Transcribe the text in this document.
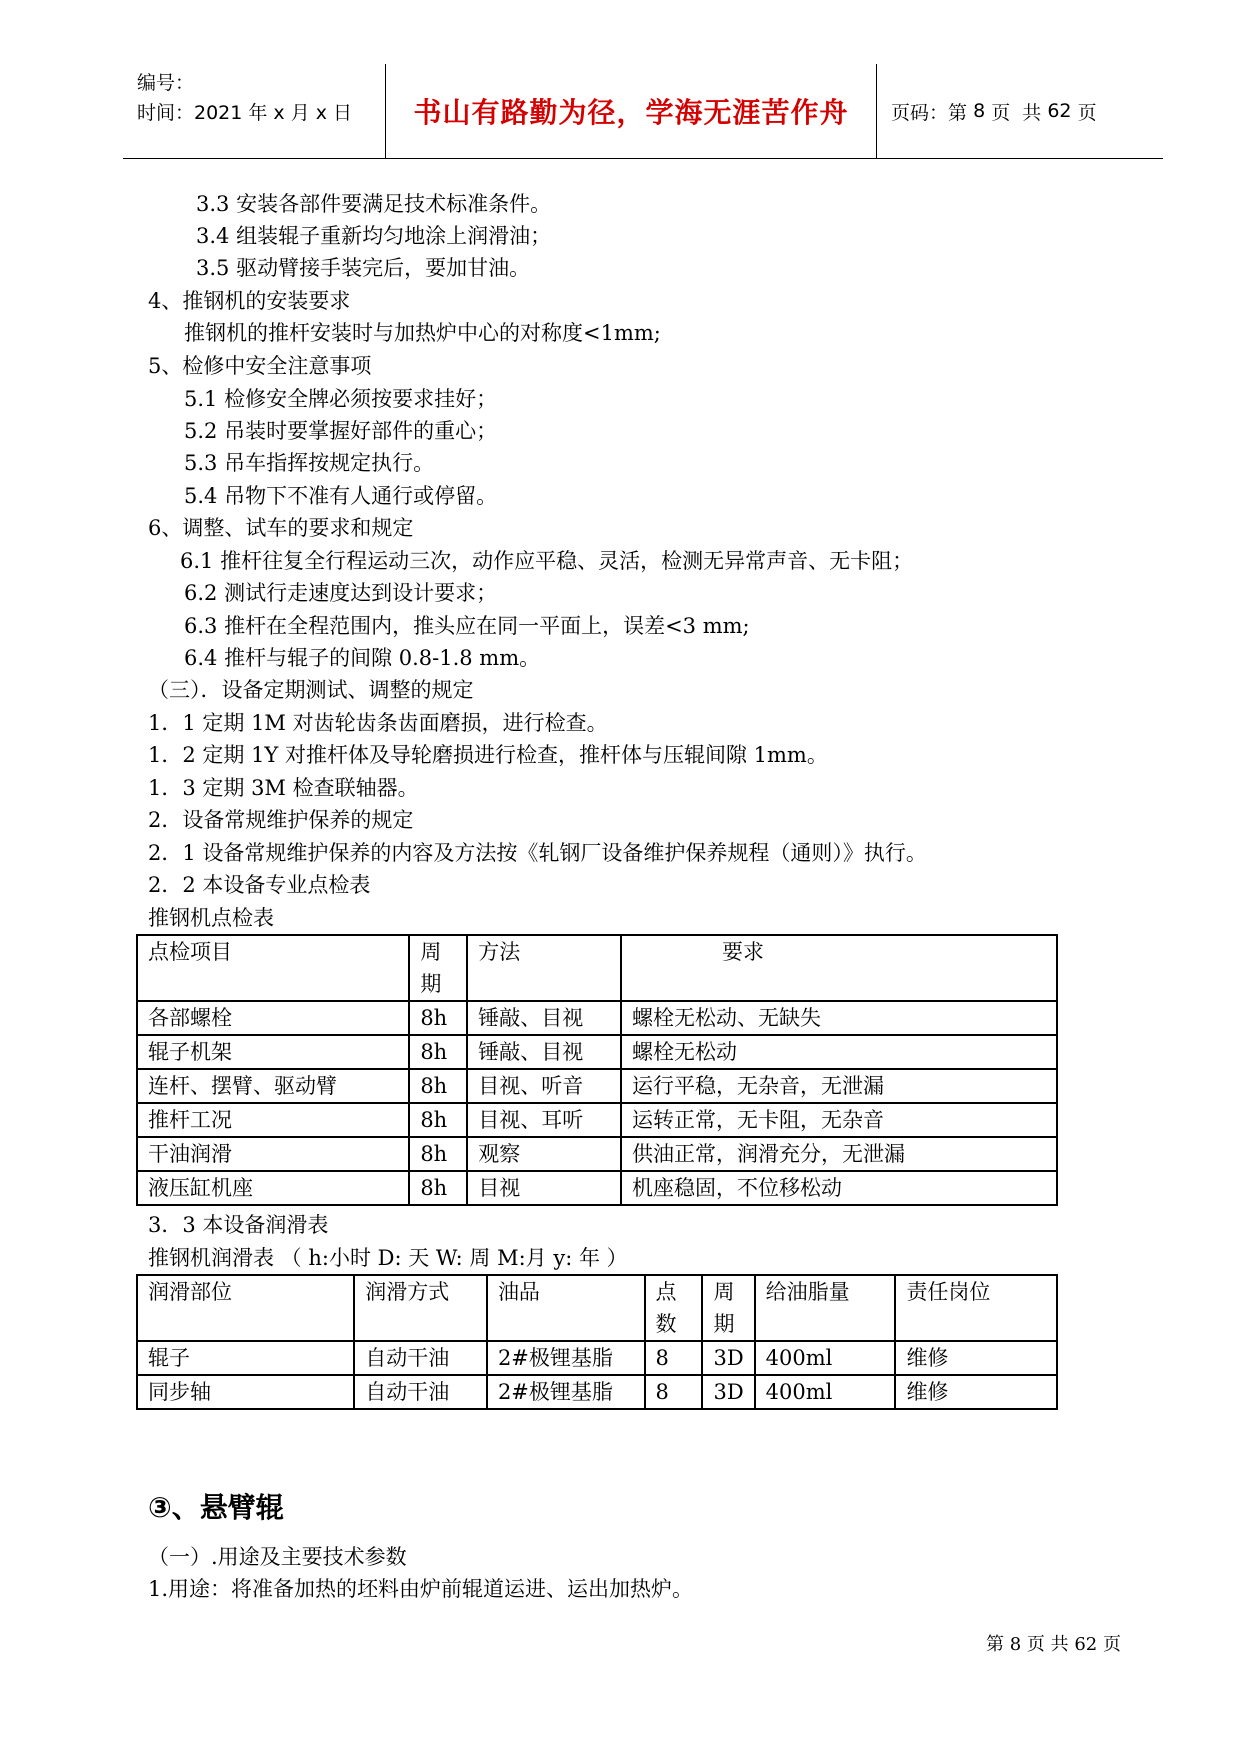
编号：
时间：2021 年 x 月 x 日	书山有路勤为径，学海无涯苦作舟	页码：第
8
页  共
62
页
3.3 安装各部件要满足技术标准条件。
3.4 组装辊子重新均匀地涂上润滑油；
3.5 驱动臂接手装完后，要加甘油。
4、推钢机的安装要求
推钢机的推杆安装时与加热炉中心的对称度<1mm;
5、检修中安全注意事项
5.1 检修安全牌必须按要求挂好；
5.2 吊装时要掌握好部件的重心；
5.3 吊车指挥按规定执行。
5.4 吊物下不准有人通行或停留。
6、调整、试车的要求和规定
6.1 推杆往复全行程运动三次，动作应平稳、灵活，检测无异常声音、无卡阻；
6.2 测试行走速度达到设计要求；
6.3 推杆在全程范围内，推头应在同一平面上，误差<3 mm;
6.4 推杆与辊子的间隙 0.8-1.8 mm。
（三）．设备定期测试、调整的规定
1．1 定期 1M 对齿轮齿条齿面磨损，进行检查。
1．2 定期 1Y 对推杆体及导轮磨损进行检查，推杆体与压辊间隙 1mm。
1．3 定期 3M 检查联轴器。
2．设备常规维护保养的规定
2．1 设备常规维护保养的内容及方法按《轧钢厂设备维护保养规程（通则）》执行。
2．2 本设备专业点检表
推钢机点检表
点检项目	周期	方法	要求
各部螺栓	8h	锤敲、目视	螺栓无松动、无缺失
辊子机架	8h	锤敲、目视	螺栓无松动
连杆、摆臂、驱动臂	8h	目视、听音	运行平稳，无杂音，无泄漏
推杆工况	8h	目视、耳听	运转正常，无卡阻，无杂音
干油润滑	8h	观察	供油正常，润滑充分，无泄漏
液压缸机座	8h	目视	机座稳固，不位移松动
3．3 本设备润滑表
推钢机润滑表 （ h:小时 D: 天 W: 周 M:月 y: 年 ）
润滑部位	润滑方式	油品	点数	周期	给油脂量	责任岗位
辊子	自动干油	2#极锂基脂	8	3D	400ml	维修
同步轴	自动干油	2#极锂基脂	8	3D	400ml	维修
③、悬臂辊
（一）.用途及主要技术参数
1.用途：将准备加热的坯料由炉前辊道运进、运出加热炉。
第 8 页 共 62 页
